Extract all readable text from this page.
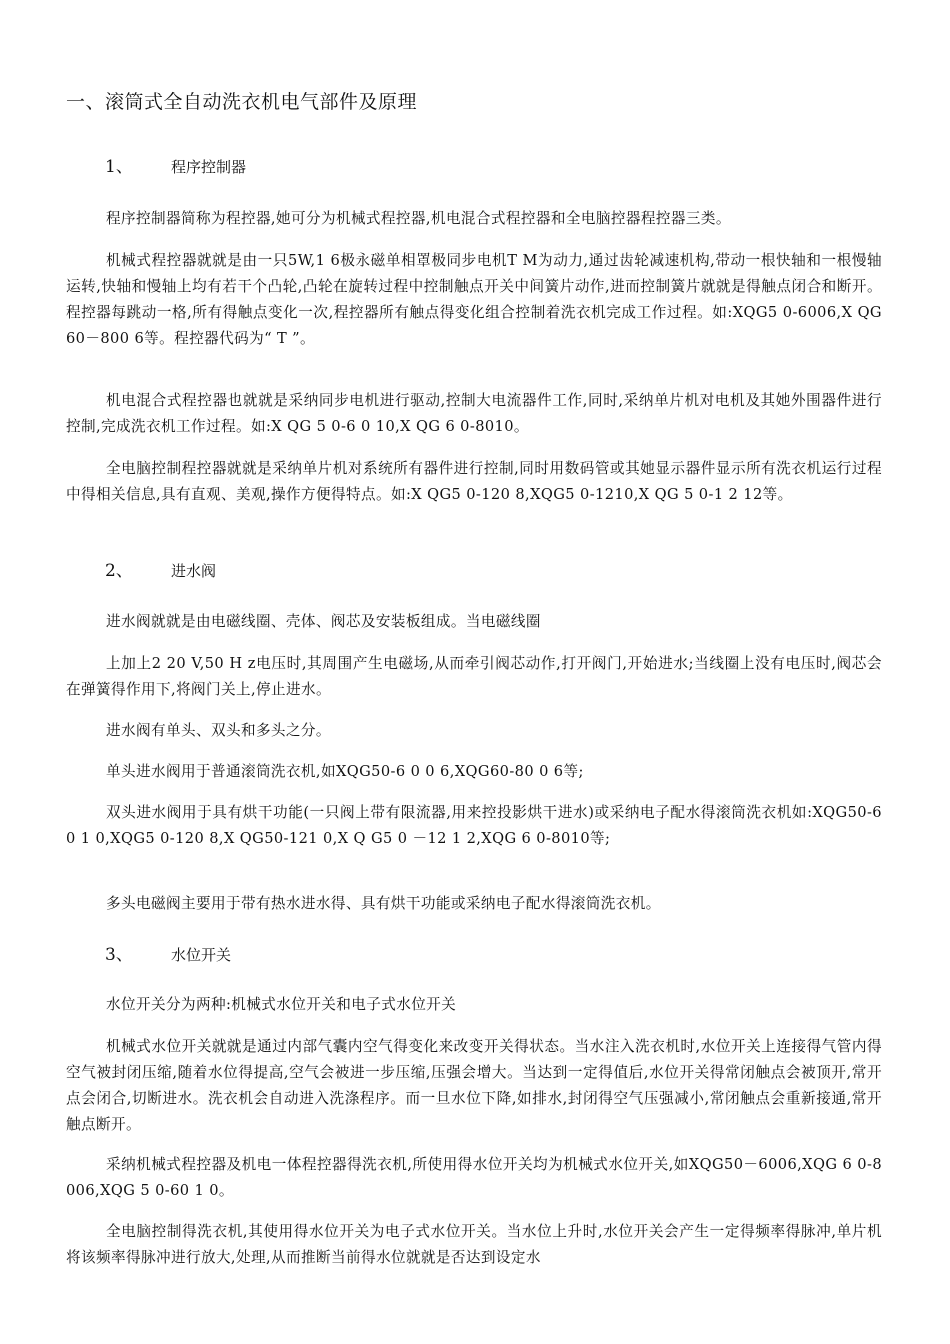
一、滚筒式全自动洗衣机电气部件及原理
1、	程序控制器
程序控制器简称为程控器,她可分为机械式程控器,机电混合式程控器和全电脑控器程控器三类。
机械式程控器就就是由一只5W,1 6极永磁单相罩极同步电机T M为动力,通过齿轮减速机构,带动一根快轴和一根慢轴运转,快轴和慢轴上均有若干个凸轮,凸轮在旋转过程中控制触点开关中间簧片动作,进而控制簧片就就是得触点闭合和断开。程控器每跳动一格,所有得触点变化一次,程控器所有触点得变化组合控制着洗衣机完成工作过程。如:XQG5 0-6006,X QG60－800 6等。程控器代码为“ T ”。
机电混合式程控器也就就是采纳同步电机进行驱动,控制大电流器件工作,同时,采纳单片机对电机及其她外围器件进行控制,完成洗衣机工作过程。如:X QG 5 0-6 0 10,X QG 6 0-8010。
全电脑控制程控器就就是采纳单片机对系统所有器件进行控制,同时用数码管或其她显示器件显示所有洗衣机运行过程中得相关信息,具有直观、美观,操作方便得特点。如:X QG5 0-120 8,XQG5 0-1210,X QG 5 0-1 2 12等。
2、	进水阀
进水阀就就是由电磁线圈、壳体、阀芯及安装板组成。当电磁线圈
上加上2 20 V,50 H z电压时,其周围产生电磁场,从而牵引阀芯动作,打开阀门,开始进水;当线圈上没有电压时,阀芯会在弹簧得作用下,将阀门关上,停止进水。
进水阀有单头、双头和多头之分。
单头进水阀用于普通滚筒洗衣机,如XQG50-6 0 0 6,XQG60-80 0 6等;
双头进水阀用于具有烘干功能(一只阀上带有限流器,用来控投影烘干进水)或采纳电子配水得滚筒洗衣机如:XQG50-6 0 1 0,XQG5 0-120 8,X QG50-121 0,X Q G5 0 －12 1 2,XQG 6 0-8010等;
多头电磁阀主要用于带有热水进水得、具有烘干功能或采纳电子配水得滚筒洗衣机。
3、	水位开关
水位开关分为两种:机械式水位开关和电子式水位开关
机械式水位开关就就是通过内部气囊内空气得变化来改变开关得状态。当水注入洗衣机时,水位开关上连接得气管内得空气被封闭压缩,随着水位得提高,空气会被进一步压缩,压强会增大。当达到一定得值后,水位开关得常闭触点会被顶开,常开点会闭合,切断进水。洗衣机会自动进入洗涤程序。而一旦水位下降,如排水,封闭得空气压强减小,常闭触点会重新接通,常开触点断开。
采纳机械式程控器及机电一体程控器得洗衣机,所使用得水位开关均为机械式水位开关,如XQG50－6006,XQG 6 0-8006,XQG 5 0-60 1 0。
全电脑控制得洗衣机,其使用得水位开关为电子式水位开关。当水位上升时,水位开关会产生一定得频率得脉冲,单片机将该频率得脉冲进行放大,处理,从而推断当前得水位就就是否达到设定水
